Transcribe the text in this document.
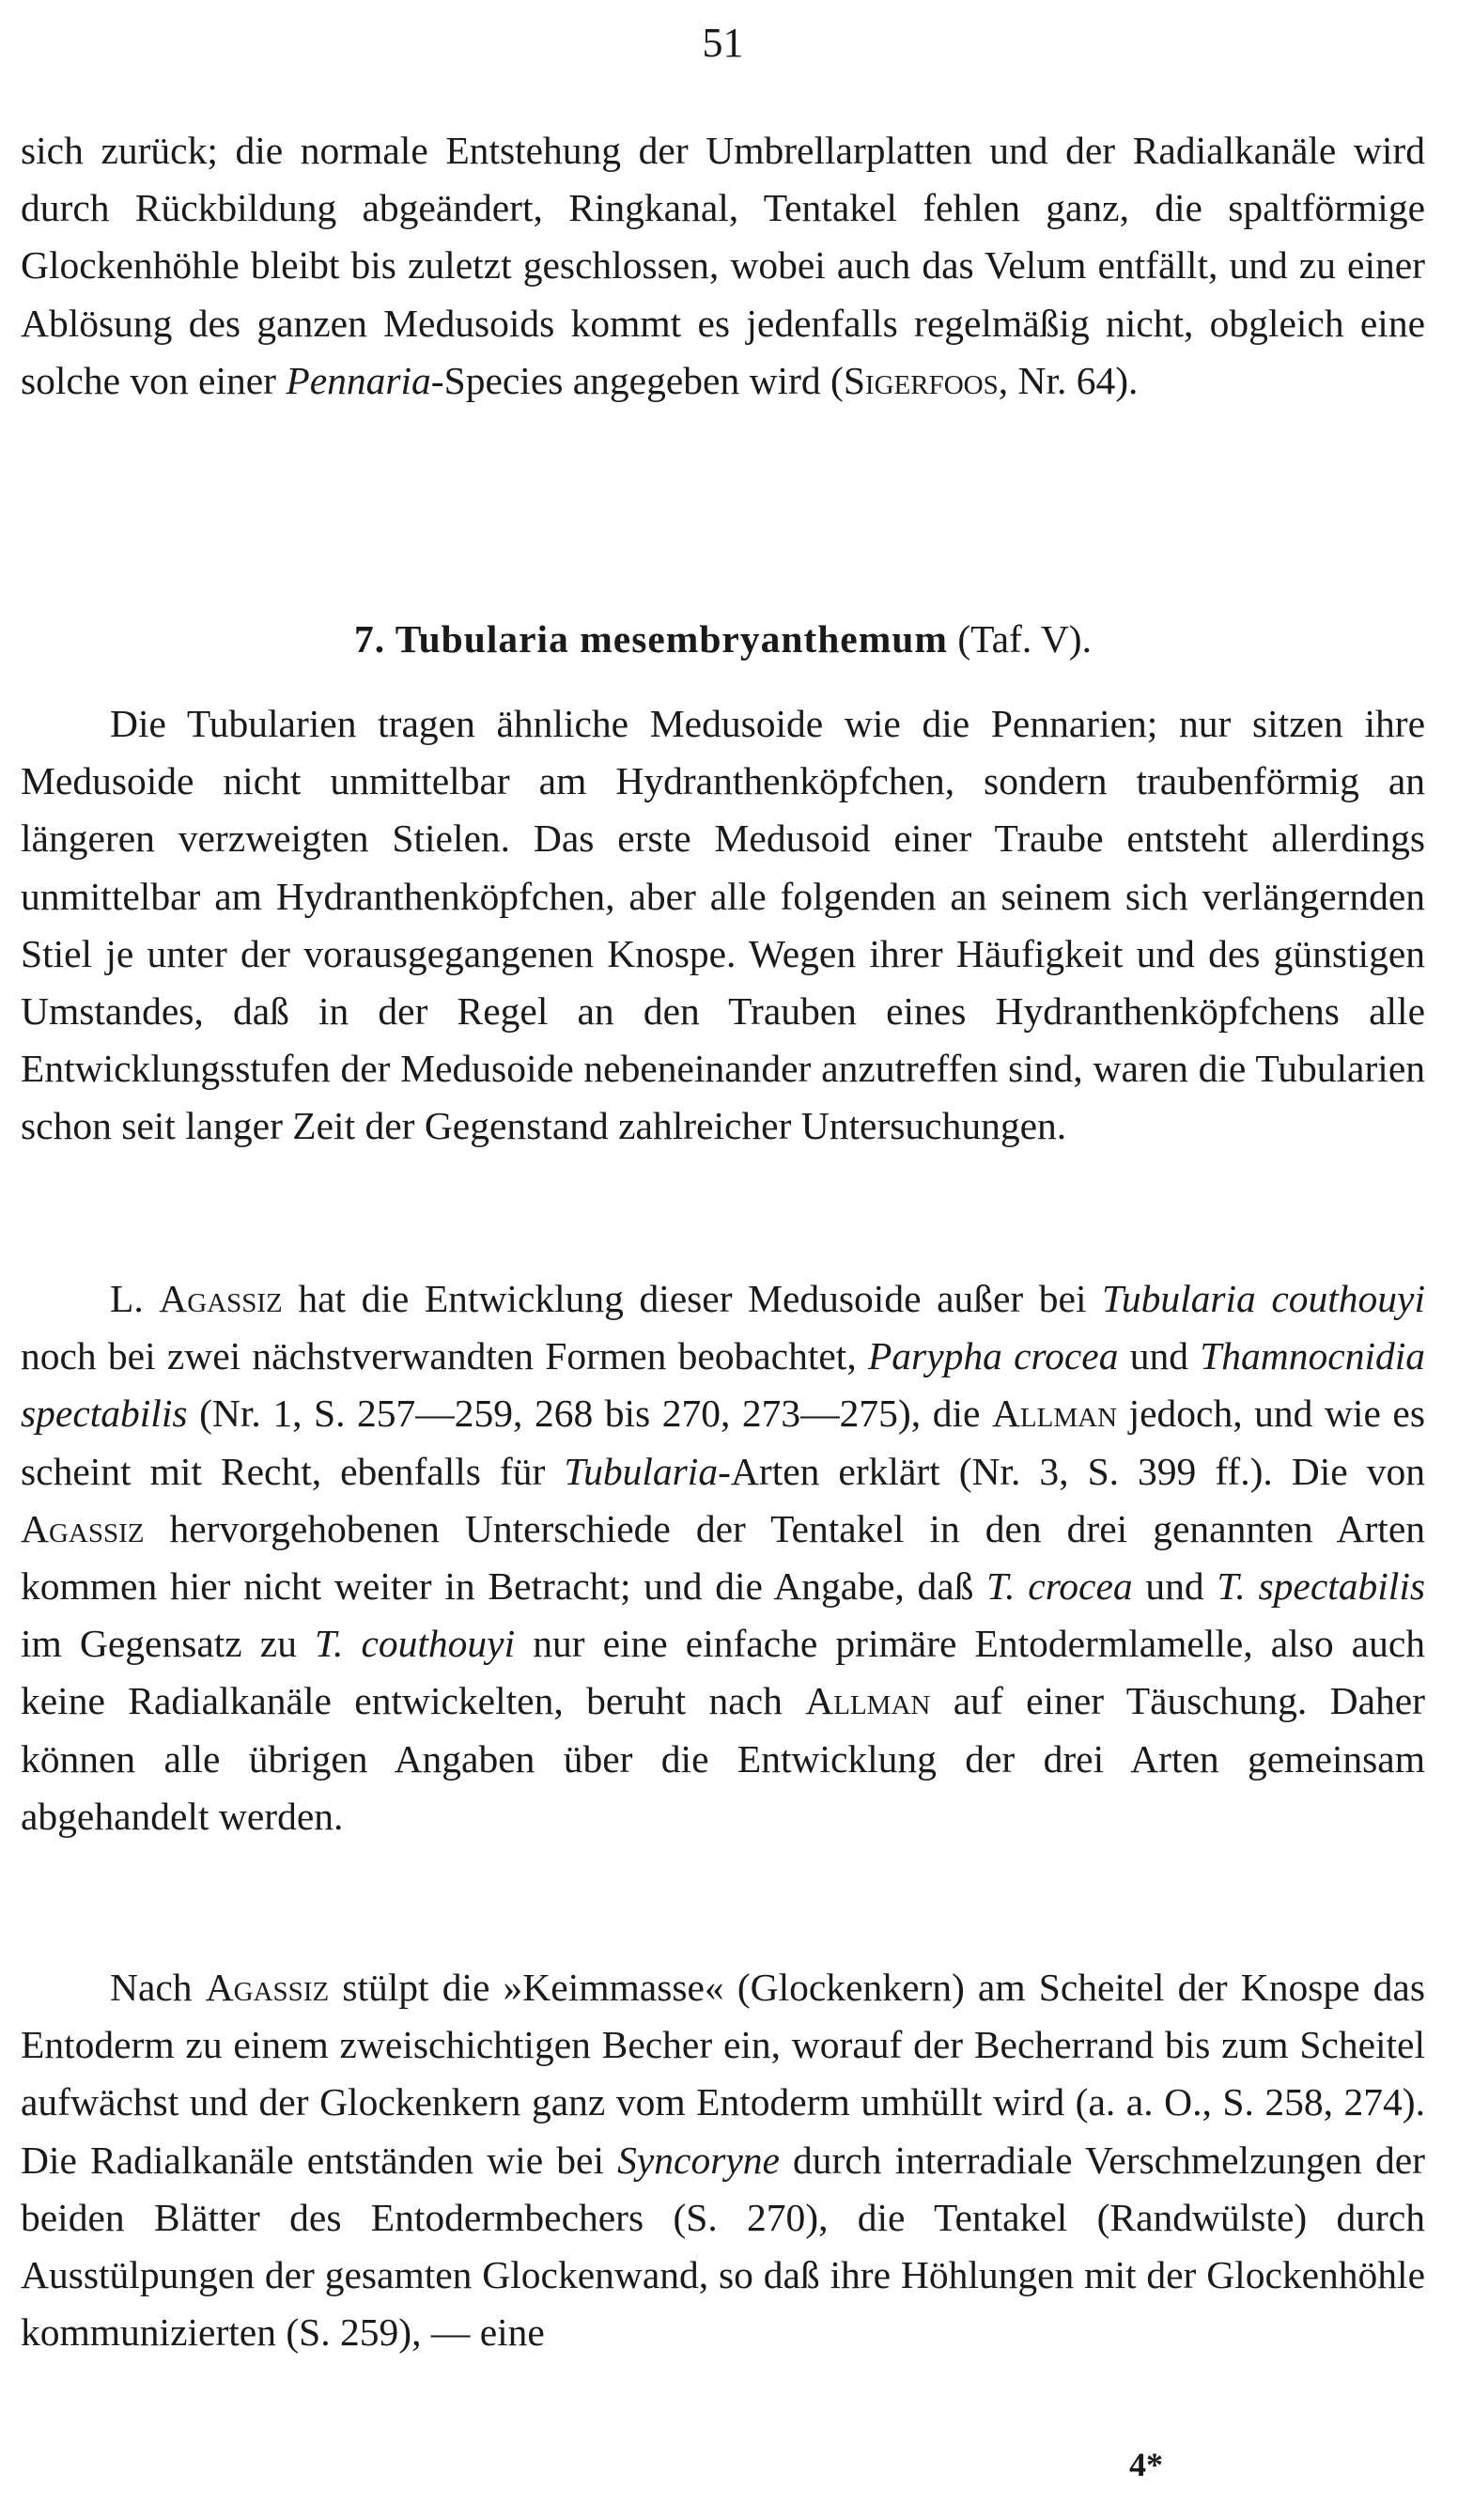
51

sich zurück; die normale Entstehung der Umbrellarplatten und der Radialkanäle wird durch Rückbildung abgeändert, Ringkanal, Tentakel fehlen ganz, die spaltförmige Glockenhöhle bleibt bis zuletzt geschlossen, wobei auch das Velum entfällt, und zu einer Ablösung des ganzen Medusoids kommt es jedenfalls regelmäßig nicht, obgleich eine solche von einer Pennaria-Species angegeben wird (Sigerfoos, Nr. 64).

7. Tubularia mesembryanthemum (Taf. V).

Die Tubularien tragen ähnliche Medusoide wie die Pennarien; nur sitzen ihre Medusoide nicht unmittelbar am Hydranthenköpfchen, sondern traubenförmig an längeren verzweigten Stielen. Das erste Medusoid einer Traube entsteht allerdings unmittelbar am Hydranthenköpfchen, aber alle folgenden an seinem sich verlängernden Stiel je unter der vorausgegangenen Knospe. Wegen ihrer Häufigkeit und des günstigen Umstandes, daß in der Regel an den Trauben eines Hydranthenköpfchens alle Entwicklungsstufen der Medusoide nebeneinander anzutreffen sind, waren die Tubularien schon seit langer Zeit der Gegenstand zahlreicher Untersuchungen.

L. Agassiz hat die Entwicklung dieser Medusoide außer bei Tubularia couthouyi noch bei zwei nächstverwandten Formen beobachtet, Parypha crocea und Thamnocnidia spectabilis (Nr. 1, S. 257—259, 268 bis 270, 273—275), die Allman jedoch, und wie es scheint mit Recht, ebenfalls für Tubularia-Arten erklärt (Nr. 3, S. 399 ff.). Die von Agassiz hervorgehobenen Unterschiede der Tentakel in den drei genannten Arten kommen hier nicht weiter in Betracht; und die Angabe, daß T. crocea und T. spectabilis im Gegensatz zu T. couthouyi nur eine einfache primäre Entodermlamelle, also auch keine Radialkanäle entwickelten, beruht nach Allman auf einer Täuschung. Daher können alle übrigen Angaben über die Entwicklung der drei Arten gemeinsam abgehandelt werden.

Nach Agassiz stülpt die »Keimmasse« (Glockenkern) am Scheitel der Knospe das Entoderm zu einem zweischichtigen Becher ein, worauf der Becherrand bis zum Scheitel aufwächst und der Glockenkern ganz vom Entoderm umhüllt wird (a. a. O., S. 258, 274). Die Radialkanäle entständen wie bei Syncoryne durch interradiale Verschmelzungen der beiden Blätter des Entodermbechers (S. 270), die Tentakel (Randwülste) durch Ausstülpungen der gesamten Glockenwand, so daß ihre Höhlungen mit der Glockenhöhle kommunizierten (S. 259), — eine

4*
